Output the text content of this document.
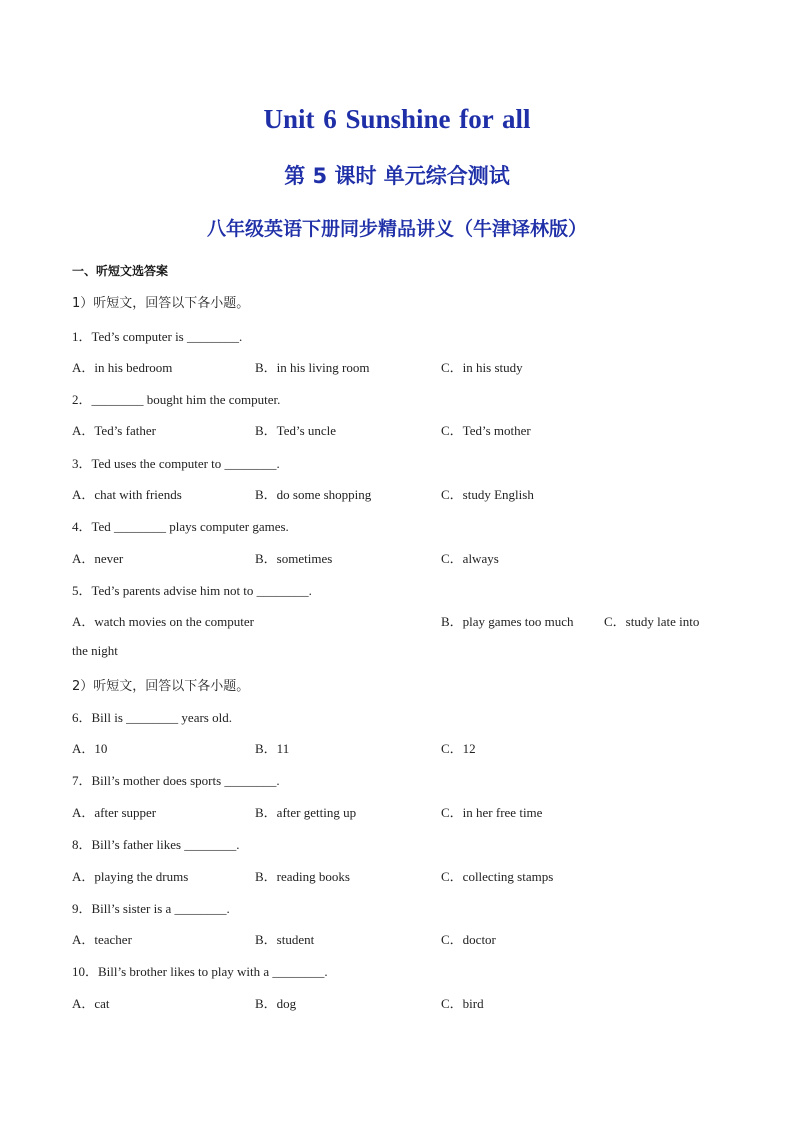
Unit 6 Sunshine for all
第 5 课时 单元综合测试
八年级英语下册同步精品讲义（牛津译林版）
一、听短文选答案
1）听短文，回答以下各小题。
1．Ted’s computer is ________.
A．in his bedroom	B．in his living room	C．in his study
2．________ bought him the computer.
A．Ted’s father	B．Ted’s uncle	C．Ted’s mother
3．Ted uses the computer to ________.
A．chat with friends	B．do some shopping	C．study English
4．Ted ________ plays computer games.
A．never	B．sometimes	C．always
5．Ted’s parents advise him not to ________.
A．watch movies on the computer	B．play games too much C．study late into
the night
2）听短文，回答以下各小题。
6．Bill is ________ years old.
A．10	B．11	C．12
7．Bill’s mother does sports ________.
A．after supper	B．after getting up	C．in her free time
8．Bill’s father likes ________.
A．playing the drums	B．reading books	C．collecting stamps
9．Bill’s sister is a ________.
A．teacher	B．student	C．doctor
10．Bill’s brother likes to play with a ________.
A．cat	B．dog	C．bird
